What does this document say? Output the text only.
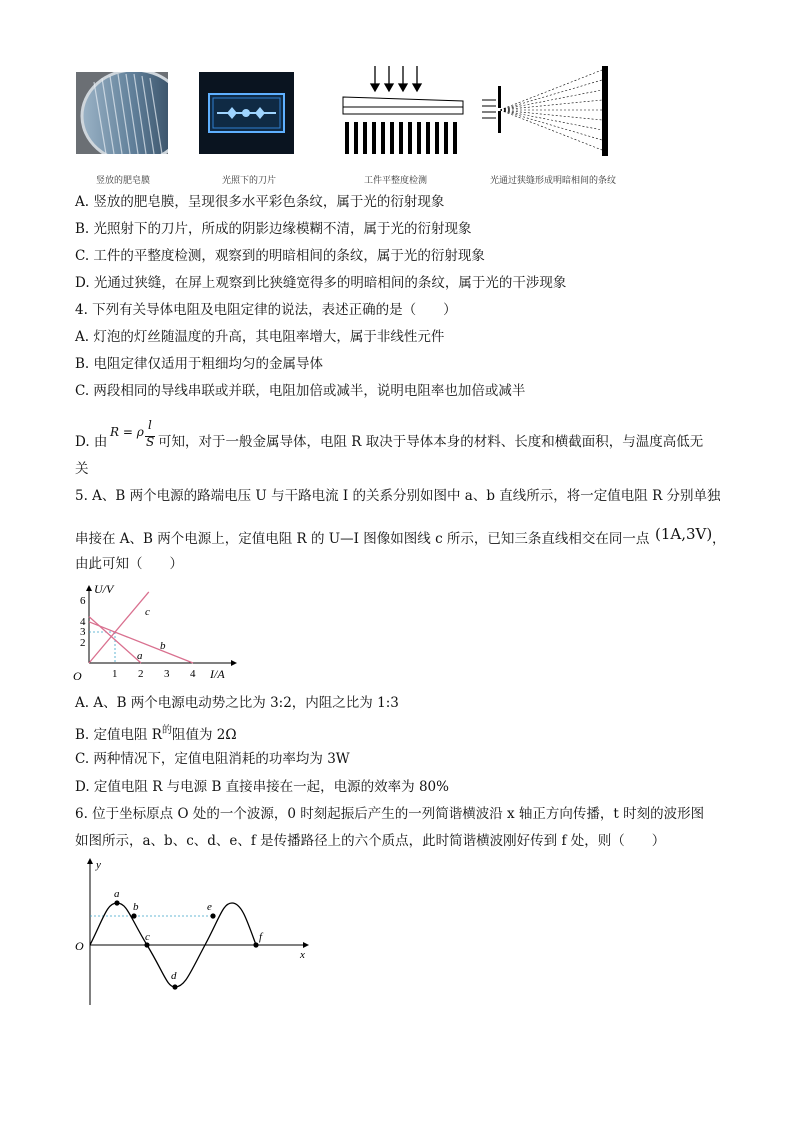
竖放的肥皂膜	光照下的刀片	工件平整度检测	光通过狭缝形成明暗相间的条纹
A. 竖放的肥皂膜，呈现很多水平彩色条纹，属于光的衍射现象
B. 光照射下的刀片，所成的阴影边缘模糊不清，属于光的衍射现象
C. 工件的平整度检测，观察到的明暗相间的条纹，属于光的衍射现象
D. 光通过狭缝，在屏上观察到比狭缝宽得多的明暗相间的条纹，属于光的干涉现象
4. 下列有关导体电阻及电阻定律的说法，表述正确的是（　　）
A. 灯泡的灯丝随温度的升高，其电阻率增大，属于非线性元件
B. 电阻定律仅适用于粗细均匀的金属导体
C. 两段相同的导线串联或并联，电阻加倍或减半，说明电阻率也加倍或减半
D. 由
R = ρ l
S 可知，对于一般金属导体，电阻 R 取决于导体本身的材料、长度和横截面积，与温度高低无
关
5. A、B 两个电源的路端电压 U 与干路电流 I 的关系分别如图中 a、b 直线所示，将一定值电阻 R 分别单独
串接在 A、B 两个电源上，定值电阻 R 的 U—I 图像如图线 c 所示，已知三条直线相交在同一点 (1A,3V) ，
由此可知（　　）
U/V
I/A
O
6
4
3
2
1 2 3 4
a
b
c
A. A、B 两个电源电动势之比为 3:2，内阻之比为 1:3
B. 定值电阻 $R^的$阻值为 2Ω
C. 两种情况下，定值电阻消耗的功率均为 3W
D. 定值电阻 R 与电源 B 直接串接在一起，电源的效率为 80%
6. 位于坐标原点 O 处的一个波源，0 时刻起振后产生的一列简谐横波沿 x 轴正方向传播，t 时刻的波形图
如图所示，a、b、c、d、e、f 是传播路径上的六个质点，此时简谐横波刚好传到 f 处，则（　　）
y
x
O
a
b
c
d
e
f
